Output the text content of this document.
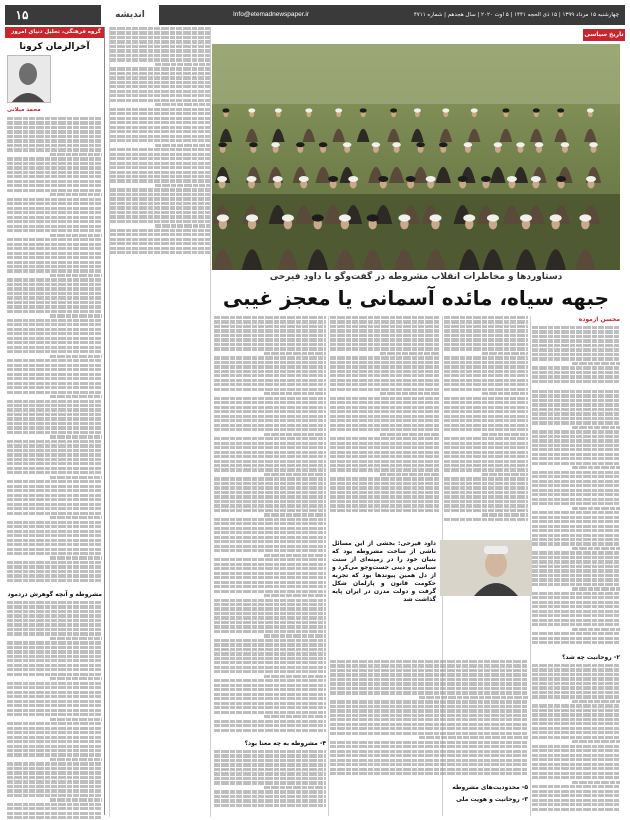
۱۵	اندیشه	Info@etemadnewspaper.ir	چهارشنبه ۱۵ مرداد ۱۳۹۹ | ۱۵ ذی الحجه ۱۴۴۱ | ۵ اوت ۲۰۲۰ | سال هجدهم | شماره ۴۷۱۱
گروه فرهنگی، تحلیل دنیای امروز
آخرالزمان کرونا
محمد میلانی
مشروطه و آنچه گوهرش دردمود
تاریخ سیاسی
دستاوردها و مخاطرات انقلاب مشروطه در گفت‌وگو با داود فیرحی
جبهه سیاه، مائده آسمانی یا معجز غیبی
محسن آزموده
۲- روحانیت چه شد؟
۳- روحانیت و هویت ملی
۴- مشروطه به چه معنا بود؟
داود فیرحی: بخشی از این مسائل ناشی از ساخت مشروطه بود که بنیان خود را در زمینه‌ای از سنت سیاسی و دینی جست‌وجو می‌کرد و از دل همین پیوندها بود که تجربه حکومت قانون و پارلمان شکل گرفت و دولت مدرن در ایران پایه گذاشت شد
۵- محدودیت‌های مشروطه
